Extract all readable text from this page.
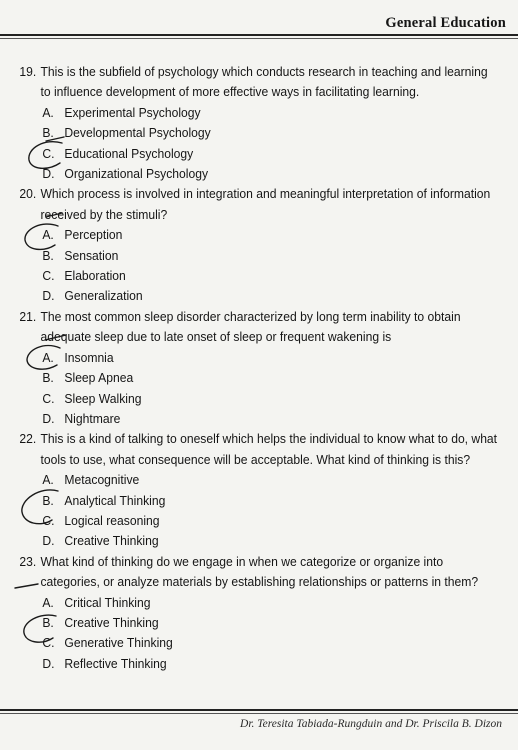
General Education
19. This is the subfield of psychology which conducts research in teaching and learning to influence development of more effective ways in facilitating learning.
A. Experimental Psychology
B. Developmental Psychology
C. Educational Psychology
D. Organizational Psychology
20. Which process is involved in integration and meaningful interpretation of information received by the stimuli?
A. Perception
B. Sensation
C. Elaboration
D. Generalization
21. The most common sleep disorder characterized by long term inability to obtain adequate sleep due to late onset of sleep or frequent wakening is
A. Insomnia
B. Sleep Apnea
C. Sleep Walking
D. Nightmare
22. This is a kind of talking to oneself which helps the individual to know what to do, what tools to use, what consequence will be acceptable. What kind of thinking is this?
A. Metacognitive
B. Analytical Thinking
C. Logical reasoning
D. Creative Thinking
23. What kind of thinking do we engage in when we categorize or organize into categories, or analyze materials by establishing relationships or patterns in them?
A. Critical Thinking
B. Creative Thinking
C. Generative Thinking
D. Reflective Thinking
Dr. Teresita Tabiada-Rungduin and Dr. Priscila B. Dizon
